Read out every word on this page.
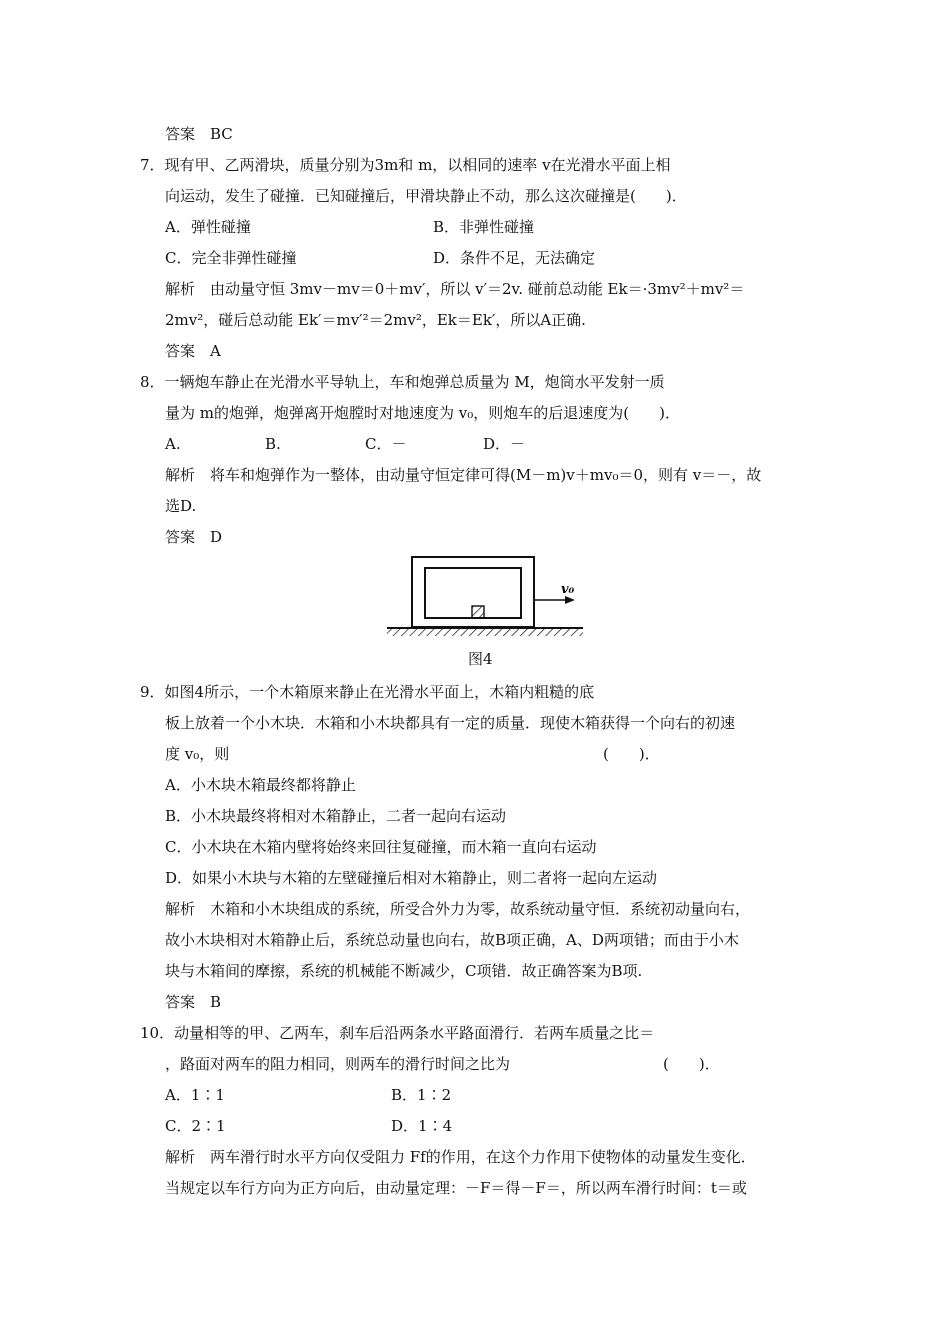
答案　BC
7．现有甲、乙两滑块，质量分别为3m和 m，以相同的速率 v在光滑水平面上相
向运动，发生了碰撞．已知碰撞后，甲滑块静止不动，那么这次碰撞是(　　)．
A．弹性碰撞	B．非弹性碰撞
C．完全非弹性碰撞	D．条件不足，无法确定
解析　由动量守恒 3mv－mv＝0＋mv′，所以 v′＝2v. 碰前总动能 Ek＝·3mv²＋mv²＝
2mv²，碰后总动能 Ek′＝mv′²＝2mv²，Ek＝Ek′，所以A正确.
答案　A
8．一辆炮车静止在光滑水平导轨上，车和炮弹总质量为 M，炮筒水平发射一质
量为 m的炮弹，炮弹离开炮膛时对地速度为 v₀，则炮车的后退速度为(　　)．
A.	B.	C．－	D．－
解析　将车和炮弹作为一整体，由动量守恒定律可得(M－m)v＋mv₀＝0，则有 v＝－，故
选D.
答案　D
9．如图4所示，一个木箱原来静止在光滑水平面上，木箱内粗糙的底
板上放着一个小木块．木箱和小木块都具有一定的质量．现使木箱获得一个向右的初速
度 v₀，则	(　　)．
A．小木块木箱最终都将静止
B．小木块最终将相对木箱静止，二者一起向右运动
C．小木块在木箱内壁将始终来回往复碰撞，而木箱一直向右运动
D．如果小木块与木箱的左壁碰撞后相对木箱静止，则二者将一起向左运动
解析　木箱和小木块组成的系统，所受合外力为零，故系统动量守恒．系统初动量向右，
故小木块相对木箱静止后，系统总动量也向右，故B项正确，A、D两项错；而由于小木
块与木箱间的摩擦，系统的机械能不断减少，C项错．故正确答案为B项.
答案　B
10．动量相等的甲、乙两车，刹车后沿两条水平路面滑行．若两车质量之比＝
，路面对两车的阻力相同，则两车的滑行时间之比为	(　　)．
A．1∶1	B．1∶2
C．2∶1	D．1∶4
解析　两车滑行时水平方向仅受阻力 Ff的作用，在这个力作用下使物体的动量发生变化．
当规定以车行方向为正方向后，由动量定理：－F＝得－F＝，所以两车滑行时间：t＝或
v₀
图4
